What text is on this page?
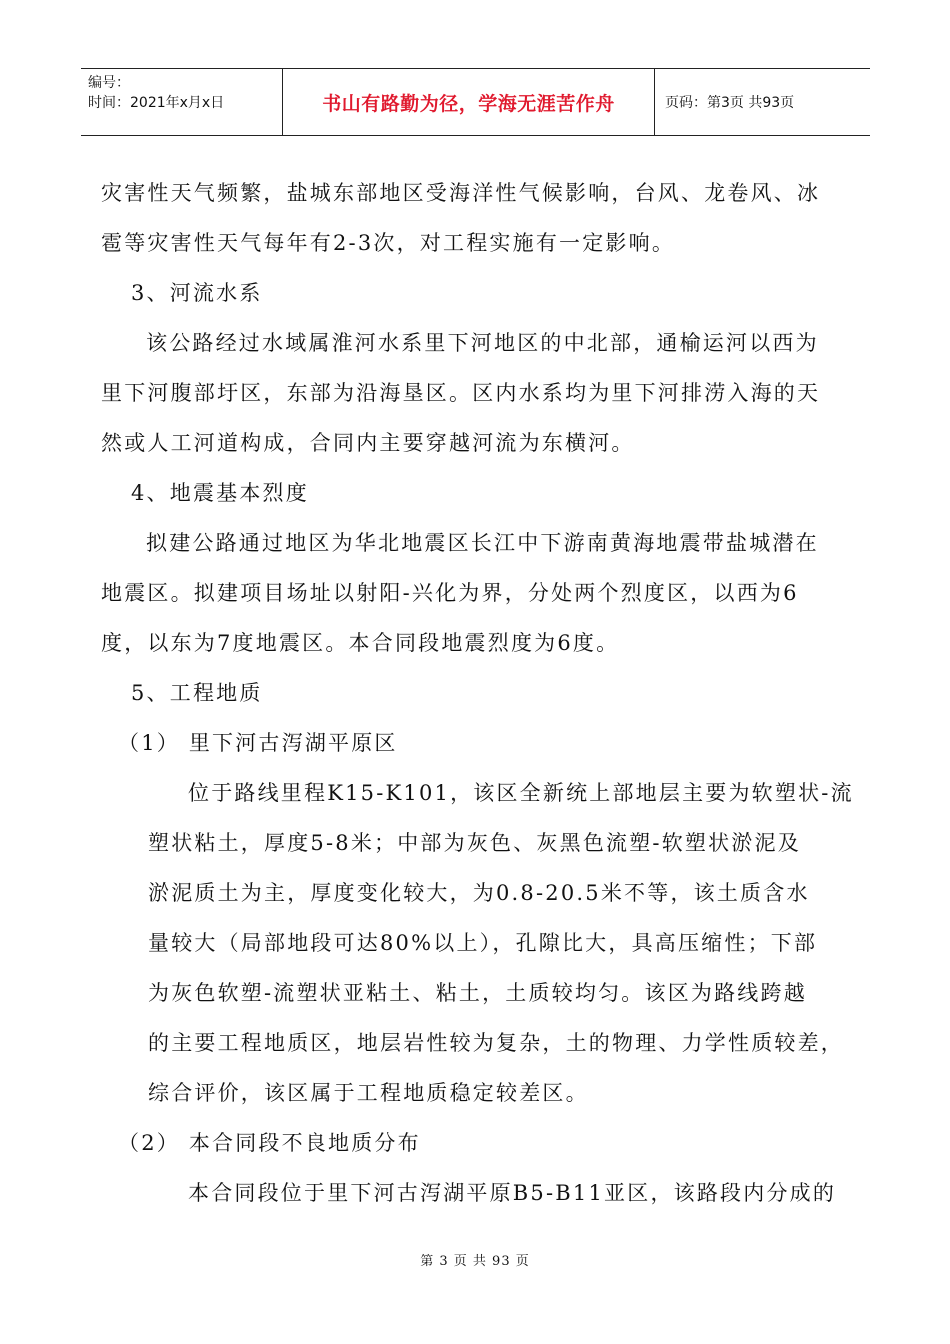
编号：
时间：2021年x月x日	书山有路勤为径，学海无涯苦作舟	页码：第3页 共93页
灾害性天气频繁，盐城东部地区受海洋性气候影响，台风、龙卷风、冰
雹等灾害性天气每年有2-3次，对工程实施有一定影响。
3、河流水系
该公路经过水域属淮河水系里下河地区的中北部，通榆运河以西为
里下河腹部圩区，东部为沿海垦区。区内水系均为里下河排涝入海的天
然或人工河道构成，合同内主要穿越河流为东横河。
4、地震基本烈度
拟建公路通过地区为华北地震区长江中下游南黄海地震带盐城潜在
地震区。拟建项目场址以射阳-兴化为界，分处两个烈度区，以西为6
度，以东为7度地震区。本合同段地震烈度为6度。
5、工程地质
（1） 里下河古泻湖平原区
位于路线里程K15-K101，该区全新统上部地层主要为软塑状-流
塑状粘土，厚度5-8米；中部为灰色、灰黑色流塑-软塑状淤泥及
淤泥质土为主，厚度变化较大，为0.8-20.5米不等，该土质含水
量较大（局部地段可达80%以上），孔隙比大，具高压缩性；下部
为灰色软塑-流塑状亚粘土、粘土，土质较均匀。该区为路线跨越
的主要工程地质区，地层岩性较为复杂，土的物理、力学性质较差，
综合评价，该区属于工程地质稳定较差区。
（2） 本合同段不良地质分布
本合同段位于里下河古泻湖平原B5-B11亚区，该路段内分成的
第 3 页 共 93 页
